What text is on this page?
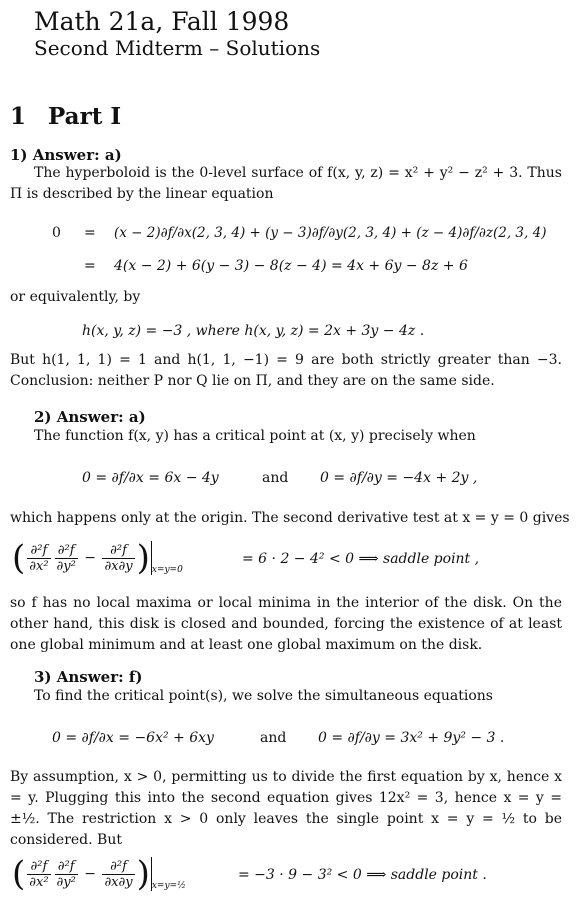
Math 21a, Fall 1998
Second Midterm – Solutions
1 Part I
1) Answer: a)
The hyperboloid is the 0-level surface of f(x, y, z) = x² + y² − z² + 3. Thus Π is described by the linear equation
0 = (x − 2)∂f/∂x(2, 3, 4) + (y − 3)∂f/∂y(2, 3, 4) + (z − 4)∂f/∂z(2, 3, 4)
= 4(x − 2) + 6(y − 3) − 8(z − 4) = 4x + 6y − 8z + 6
or equivalently, by
h(x, y, z) = −3 , where h(x, y, z) = 2x + 3y − 4z .
But h(1, 1, 1) = 1 and h(1, 1, −1) = 9 are both strictly greater than −3. Conclusion: neither P nor Q lie on Π, and they are on the same side.
2) Answer: a)
The function f(x, y) has a critical point at (x, y) precisely when
0 = ∂f/∂x = 6x − 4y	and 0 = ∂f/∂y = −4x + 2y ,
which happens only at the origin. The second derivative test at x = y = 0 gives
( $\frac{\text{∂²f}}{\text{∂x²}} \frac{\text{∂²f}}{\text{∂y²}} - \frac{\text{∂²f}}{\partial x\partial y}$ ) $_{x=y=0}$
= 6 · 2 − 4² < 0 ⟹ saddle point ,
so f has no local maxima or local minima in the interior of the disk. On the other hand, this disk is closed and bounded, forcing the existence of at least one global minimum and at least one global maximum on the disk.
3) Answer: f)
To find the critical point(s), we solve the simultaneous equations
0 = ∂f/∂x = −6x² + 6xy	and 0 = ∂f/∂y = 3x² + 9y² − 3 .
By assumption, x > 0, permitting us to divide the first equation by x, hence x = y. Plugging this into the second equation gives 12x² = 3, hence x = y = ±½. The restriction x > 0 only leaves the single point x = y = ½ to be considered. But
( $\frac{\text{∂²f}}{\text{∂x²}} \frac{\text{∂²f}}{\text{∂y²}} - \frac{\text{∂²f}}{\partial x\partial y}$ ) $_{x=y=\frac{1}{2}}$
= −3 · 9 − 3² < 0 ⟹ saddle point .
